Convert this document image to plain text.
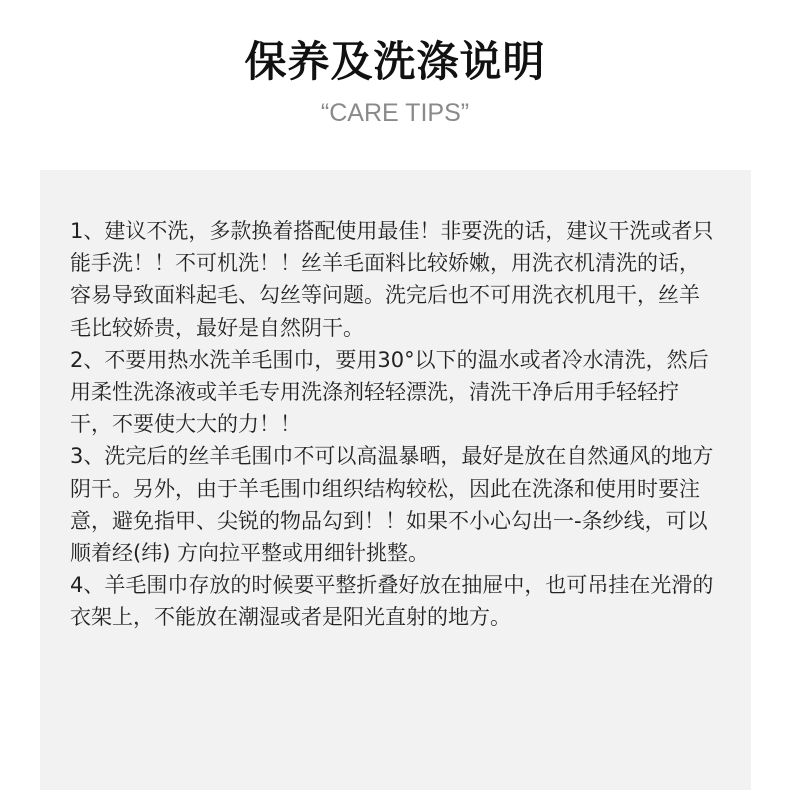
保养及洗涤说明
“CARE TIPS”

1、建议不洗，多款换着搭配使用最佳！非要洗的话，建议干洗或者只能手洗！！不可机洗！！丝羊毛面料比较娇嫩，用洗衣机清洗的话，容易导致面料起毛、勾丝等问题。洗完后也不可用洗衣机甩干，丝羊毛比较娇贵，最好是自然阴干。

2、不要用热水洗羊毛围巾，要用30°以下的温水或者冷水清洗，然后用柔性洗涤液或羊毛专用洗涤剂轻轻漂洗，清洗干净后用手轻轻拧干，不要使大大的力！！

3、洗完后的丝羊毛围巾不可以高温暴晒，最好是放在自然通风的地方阴干。另外，由于羊毛围巾组织结构较松，因此在洗涤和使用时要注意，避免指甲、尖锐的物品勾到！！如果不小心勾出一-条纱线，可以顺着经(纬) 方向拉平整或用细针挑整。

4、羊毛围巾存放的时候要平整折叠好放在抽屉中，也可吊挂在光滑的衣架上，不能放在潮湿或者是阳光直射的地方。
